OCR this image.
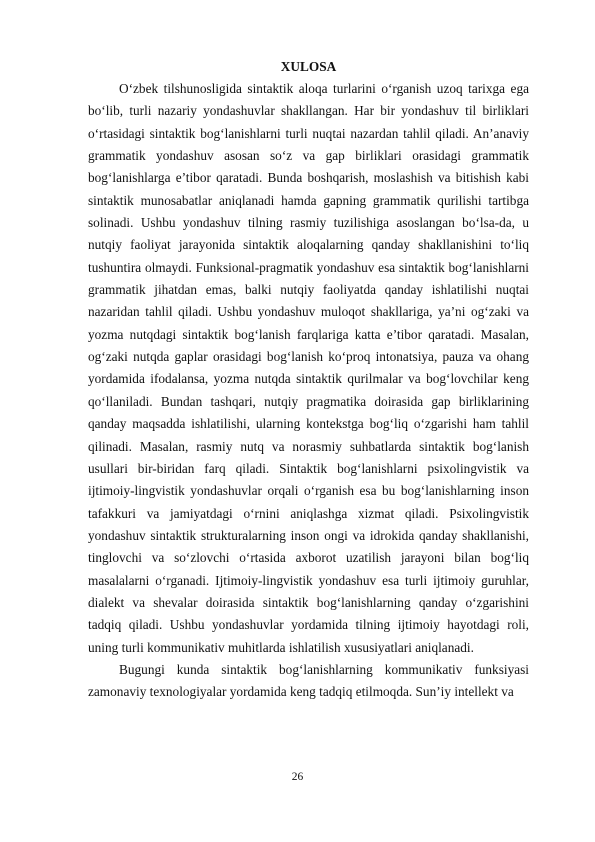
XULOSA

O‘zbek tilshunosligida sintaktik aloqa turlarini o‘rganish uzoq tarixga ega bo‘lib, turli nazariy yondashuvlar shakllangan. Har bir yondashuv til birliklari o‘rtasidagi sintaktik bog‘lanishlarni turli nuqtai nazardan tahlil qiladi. An’anaviy grammatik yondashuv asosan so‘z va gap birliklari orasidagi grammatik bog‘lanishlarga e’tibor qaratadi. Bunda boshqarish, moslashish va bitishish kabi sintaktik munosabatlar aniqlanadi hamda gapning grammatik qurilishi tartibga solinadi. Ushbu yondashuv tilning rasmiy tuzilishiga asoslangan bo‘lsa-da, u nutqiy faoliyat jarayonida sintaktik aloqalarning qanday shakllanishini to‘liq tushuntira olmaydi. Funksional-pragmatik yondashuv esa sintaktik bog‘lanishlarni grammatik jihatdan emas, balki nutqiy faoliyatda qanday ishlatilishi nuqtai nazaridan tahlil qiladi. Ushbu yondashuv muloqot shakllariga, ya’ni og‘zaki va yozma nutqdagi sintaktik bog‘lanish farqlariga katta e’tibor qaratadi. Masalan, og‘zaki nutqda gaplar orasidagi bog‘lanish ko‘proq intonatsiya, pauza va ohang yordamida ifodalansa, yozma nutqda sintaktik qurilmalar va bog‘lovchilar keng qo‘llaniladi. Bundan tashqari, nutqiy pragmatika doirasida gap birliklarining qanday maqsadda ishlatilishi, ularning kontekstga bog‘liq o‘zgarishi ham tahlil qilinadi. Masalan, rasmiy nutq va norasmiy suhbatlarda sintaktik bog‘lanish usullari bir-biridan farq qiladi. Sintaktik bog‘lanishlarni psixolingvistik va ijtimoiy-lingvistik yondashuvlar orqali o‘rganish esa bu bog‘lanishlarning inson tafakkuri va jamiyatdagi o‘rnini aniqlashga xizmat qiladi. Psixolingvistik yondashuv sintaktik strukturalarning inson ongi va idrokida qanday shakllanishi, tinglovchi va so‘zlovchi o‘rtasida axborot uzatilish jarayoni bilan bog‘liq masalalarni o‘rganadi. Ijtimoiy-lingvistik yondashuv esa turli ijtimoiy guruhlar, dialekt va shevalar doirasida sintaktik bog‘lanishlarning qanday o‘zgarishini tadqiq qiladi. Ushbu yondashuvlar yordamida tilning ijtimoiy hayotdagi roli, uning turli kommunikativ muhitlarda ishlatilish xususiyatlari aniqlanadi.

Bugungi kunda sintaktik bog‘lanishlarning kommunikativ funksiyasi zamonaviy texnologiyalar yordamida keng tadqiq etilmoqda. Sun’iy intellekt va

26
